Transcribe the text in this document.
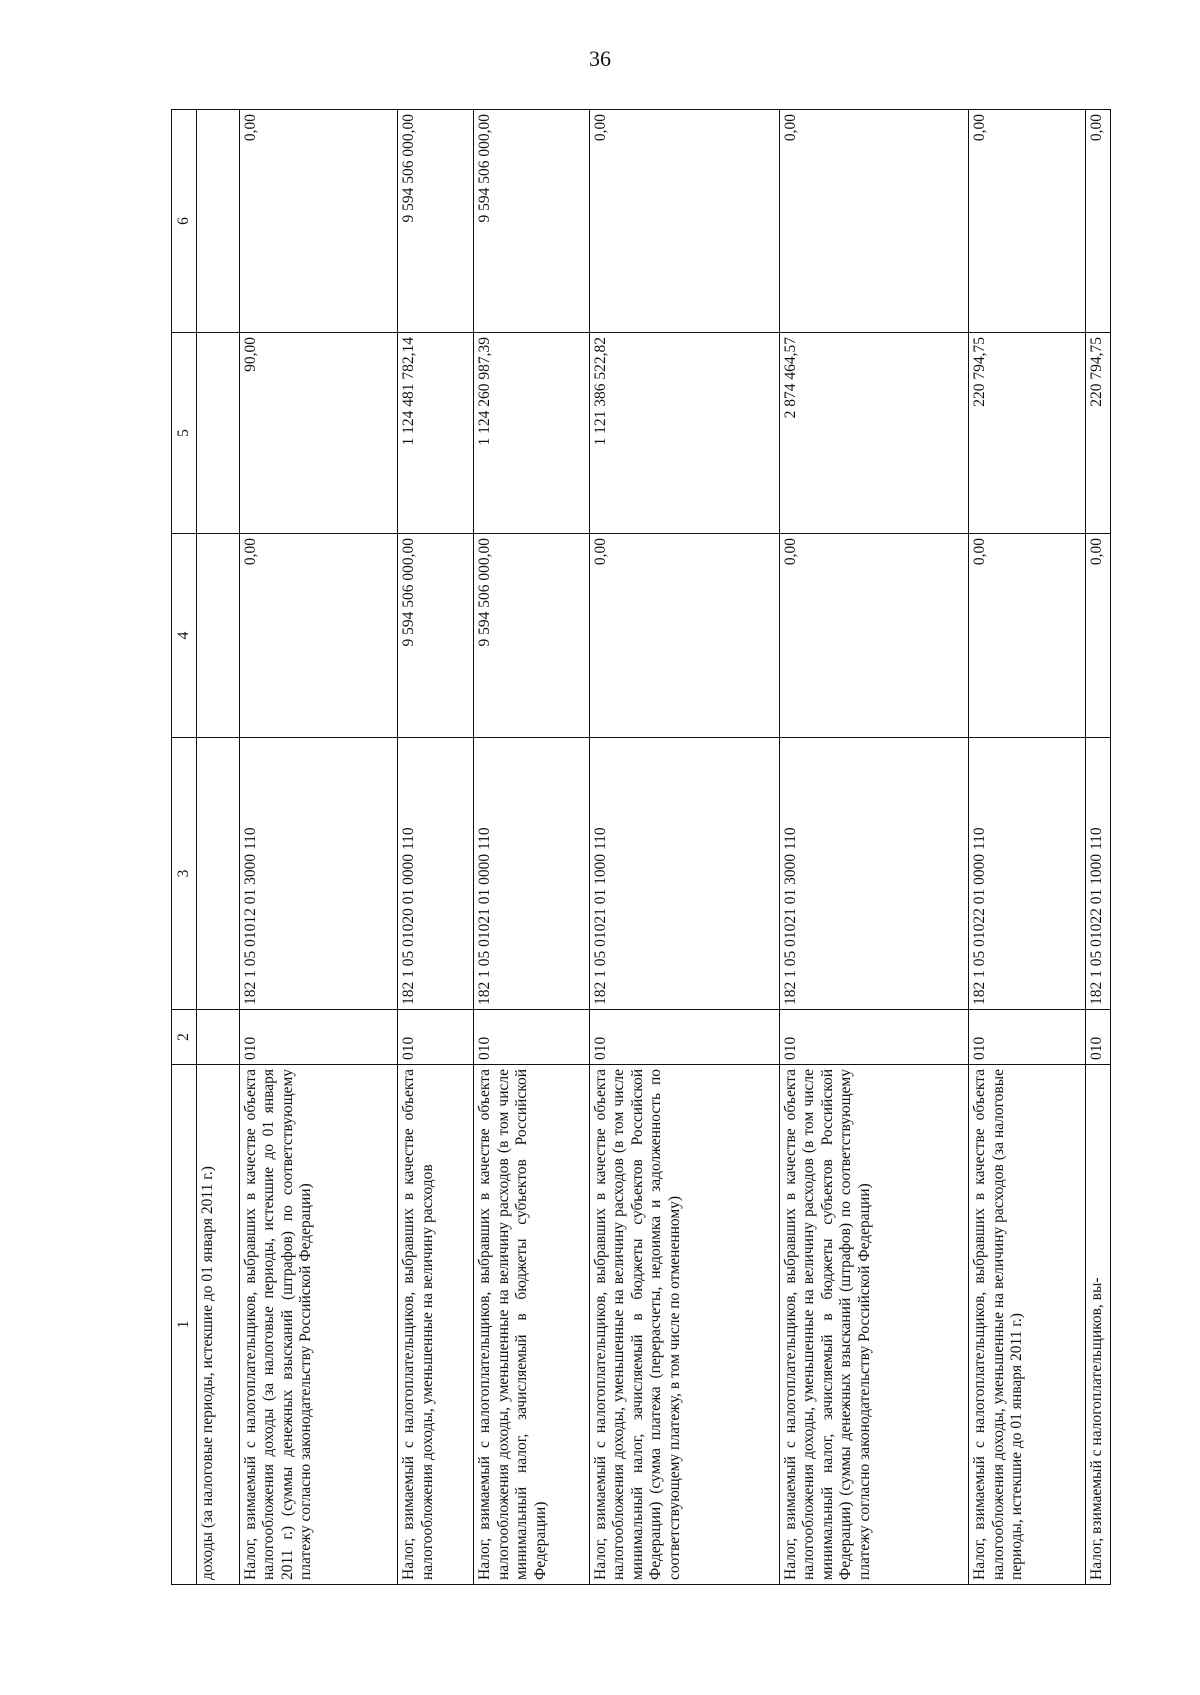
36
1	2	3	4	5	6
доходы (за налоговые периоды, истекшие до 01 января 2011 г.)					
Налог, взимаемый с налогоплательщиков, выбравших в качестве объекта налогообложения доходы (за налоговые периоды, истекшие до 01 января 2011 г.) (суммы денежных взысканий (штрафов) по соответствующему платежу согласно законодательству Российской Федерации)	010	182 1 05 01012 01 3000 110	0,00	90,00	0,00
Налог, взимаемый с налогоплательщиков, выбравших в качестве объекта налогообложения доходы, уменьшенные на величину расходов	010	182 1 05 01020 01 0000 110	9 594 506 000,00	1 124 481 782,14	9 594 506 000,00
Налог, взимаемый с налогоплательщиков, выбравших в качестве объекта налогообложения доходы, уменьшенные на величину расходов (в том числе минимальный налог, зачисляемый в бюджеты субъектов Российской Федерации)	010	182 1 05 01021 01 0000 110	9 594 506 000,00	1 124 260 987,39	9 594 506 000,00
Налог, взимаемый с налогоплательщиков, выбравших в качестве объекта налогообложения доходы, уменьшенные на величину расходов (в том числе минимальный налог, зачисляемый в бюджеты субъектов Российской Федерации) (сумма платежа (перерасчеты, недоимка и задолженность по соответствующему платежу, в том числе по отмененному)	010	182 1 05 01021 01 1000 110	0,00	1 121 386 522,82	0,00
Налог, взимаемый с налогоплательщиков, выбравших в качестве объекта налогообложения доходы, уменьшенные на величину расходов (в том числе минимальный налог, зачисляемый в бюджеты субъектов Российской Федерации) (суммы денежных взысканий (штрафов) по соответствующему платежу согласно законодательству Российской Федерации)	010	182 1 05 01021 01 3000 110	0,00	2 874 464,57	0,00
Налог, взимаемый с налогоплательщиков, выбравших в качестве объекта налогообложения доходы, уменьшенные на величину расходов (за налоговые периоды, истекшие до 01 января 2011 г.)	010	182 1 05 01022 01 0000 110	0,00	220 794,75	0,00
Налог, взимаемый с налогоплательщиков, вы-	010	182 1 05 01022 01 1000 110	0,00	220 794,75	0,00
